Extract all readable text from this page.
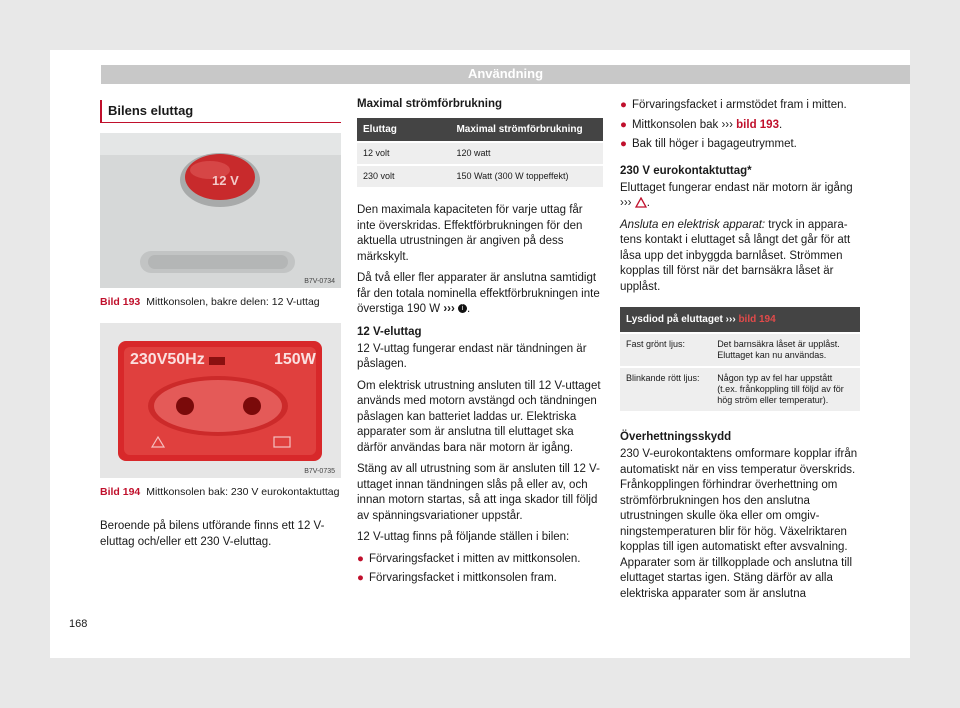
Användning
Bilens eluttag
12 V
B7V-0734
Bild 193 Mittkonsolen, bakre delen: 12 V-uttag
230V50Hz	150W
B7V-0735
Bild 194 Mittkonsolen bak: 230 V eurokontaktuttag

Beroende på bilens utförande finns ett 12 V-eluttag och/eller ett 230 V-eluttag.

Maximal strömförbrukning
Eluttag	Maximal strömförbrukning
12 volt	120 watt
230 volt	150 Watt (300 W toppeffekt)

Den maximala kapaciteten för varje uttag får inte överskridas. Effektförbrukningen för den aktuella utrustningen är angiven på dess märkskylt.

Då två eller fler apparater är anslutna samtidigt får den totala nominella effektförbrukningen inte överstiga 190 W ››› i .

12 V-eluttag

12 V-uttag fungerar endast när tändningen är påslagen.

Om elektrisk utrustning ansluten till 12 V-uttaget används med motorn avstängd och tändningen påslagen kan batteriet laddas ur. Elektriska apparater som är anslutna till eluttaget ska därför användas bara när motorn är igång.

Stäng av all utrustning som är ansluten till 12 V-uttaget innan tändningen slås på eller av, och innan motorn startas, så att inga skador till följd av spänningsvariationer uppstår.

12 V-uttag finns på följande ställen i bilen:

● Förvaringsfacket i mitten av mittkonsolen.
● Förvaringsfacket i mittkonsolen fram.
● Förvaringsfacket i armstödet fram i mitten.
● Mittkonsolen bak ››› bild 193.
● Bak till höger i bagageutrymmet.
230 V eurokontaktuttag*

Eluttaget fungerar endast när motorn är igång ››› .

Ansluta en elektrisk apparat: tryck in apparatens kontakt i eluttaget så långt det går för att låsa upp det inbyggda barnlåset. Strömmen kopplas till först när det barnsäkra låset är upplåst.

Lysdiod på eluttaget ››› bild 194
Fast grönt ljus:	Det barnsäkra låset är upplåst. Eluttaget kan nu användas.
Blinkande rött ljus:	Någon typ av fel har uppstått (t.ex. frånkoppling till följd av för hög ström eller temperatur).
Överhettningsskydd

230 V-eurokontaktens omformare kopplar ifrån automatiskt när en viss temperatur överskrids. Frånkopplingen förhindrar överhettning om strömförbrukningen hos den anslutna utrustningen skulle öka eller om omgivningstemperaturen blir för hög. Växelriktaren kopplas till igen automatiskt efter avsvalning. Apparater som är tillkopplade och anslutna till eluttaget startas igen. Stäng därför av alla elektriska apparater som är anslutna

168
